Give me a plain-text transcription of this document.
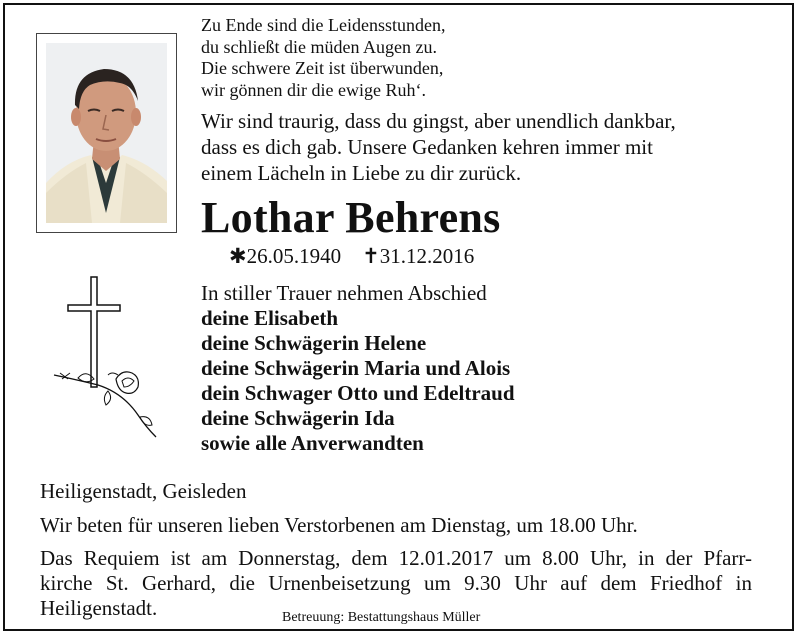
Zu Ende sind die Leidensstunden,
du schließt die müden Augen zu.
Die schwere Zeit ist überwunden,
wir gönnen dir die ewige Ruh‘.
Wir sind traurig, dass du gingst, aber unendlich dankbar,
dass es dich gab. Unsere Gedanken kehren immer mit
einem Lächeln in Liebe zu dir zurück.
Lothar Behrens
✱26.05.1940 ✝31.12.2016
In stiller Trauer nehmen Abschied
deine Elisabeth
deine Schwägerin Helene
deine Schwägerin Maria und Alois
dein Schwager Otto und Edeltraud
deine Schwägerin Ida
sowie alle Anverwandten
Heiligenstadt, Geisleden
Wir beten für unseren lieben Verstorbenen am Dienstag, um 18.00 Uhr.
Das Requiem ist am Donnerstag, dem 12.01.2017 um 8.00 Uhr, in der Pfarr-
kirche St. Gerhard, die Urnenbeisetzung um 9.30 Uhr auf dem Friedhof in
Heiligenstadt.	Betreuung: Bestattungshaus Müller
